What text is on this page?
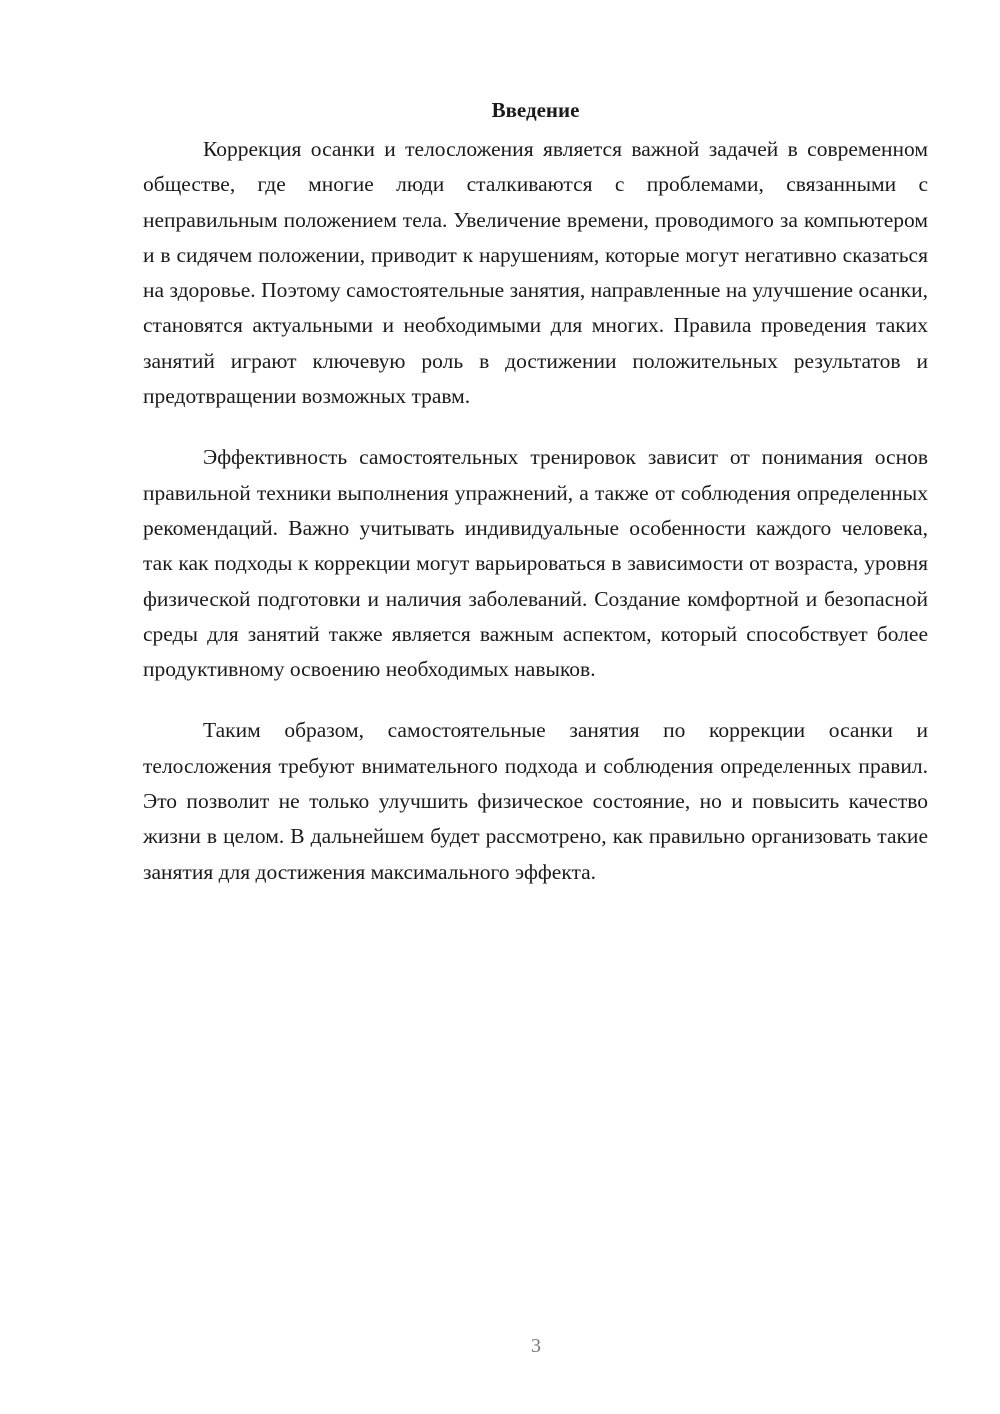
Введение

Коррекция осанки и телосложения является важной задачей в современном обществе, где многие люди сталкиваются с проблемами, связанными с неправильным положением тела. Увеличение времени, проводимого за компьютером и в сидячем положении, приводит к нарушениям, которые могут негативно сказаться на здоровье. Поэтому самостоятельные занятия, направленные на улучшение осанки, становятся актуальными и необходимыми для многих. Правила проведения таких занятий играют ключевую роль в достижении положительных результатов и предотвращении возможных травм.

Эффективность самостоятельных тренировок зависит от понимания основ правильной техники выполнения упражнений, а также от соблюдения определенных рекомендаций. Важно учитывать индивидуальные особенности каждого человека, так как подходы к коррекции могут варьироваться в зависимости от возраста, уровня физической подготовки и наличия заболеваний. Создание комфортной и безопасной среды для занятий также является важным аспектом, который способствует более продуктивному освоению необходимых навыков.

Таким образом, самостоятельные занятия по коррекции осанки и телосложения требуют внимательного подхода и соблюдения определенных правил. Это позволит не только улучшить физическое состояние, но и повысить качество жизни в целом. В дальнейшем будет рассмотрено, как правильно организовать такие занятия для достижения максимального эффекта.

3
